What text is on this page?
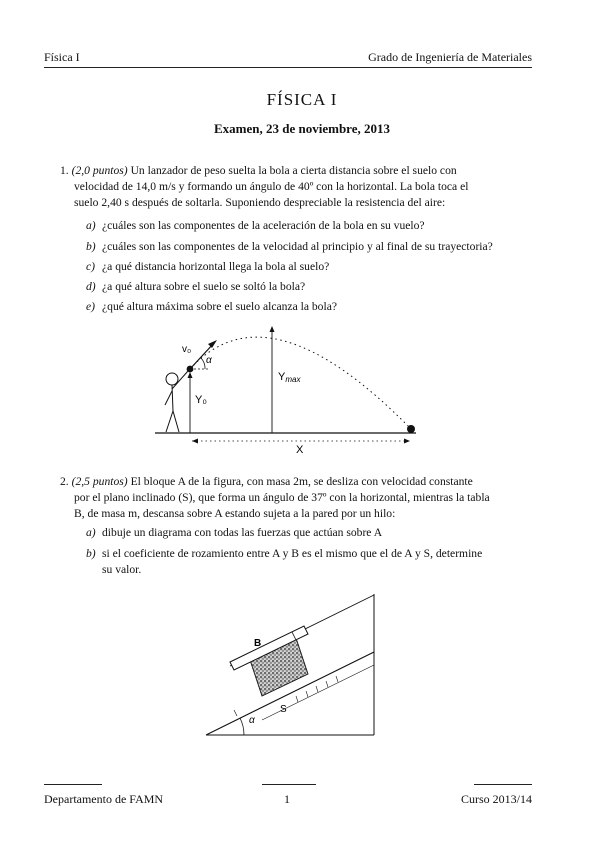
Física I	Grado de Ingeniería de Materiales
FÍSICA I
Examen, 23 de noviembre, 2013
1. (2,0 puntos) Un lanzador de peso suelta la bola a cierta distancia sobre el suelo con
velocidad de 14,0 m/s y formando un ángulo de 40º con la horizontal. La bola toca el
suelo 2,40 s después de soltarla. Suponiendo despreciable la resistencia del aire:
a) ¿cuáles son las componentes de la aceleración de la bola en su vuelo?
b) ¿cuáles son las componentes de la velocidad al principio y al final de su trayectoria?
c) ¿a qué distancia horizontal llega la bola al suelo?
d) ¿a qué altura sobre el suelo se soltó la bola?
e) ¿qué altura máxima sobre el suelo alcanza la bola?
v₀
α
Y₀
Ymax
X
2. (2,5 puntos) El bloque A de la figura, con masa 2m, se desliza con velocidad constante
por el plano inclinado (S), que forma un ángulo de 37º con la horizontal, mientras la tabla
B, de masa m, descansa sobre A estando sujeta a la pared por un hilo:
a) dibuje un diagrama con todas las fuerzas que actúan sobre A
b) si el coeficiente de rozamiento entre A y B es el mismo que el de A y S, determine
su valor.
B
S
α
Departamento de FAMN	1	Curso 2013/14
